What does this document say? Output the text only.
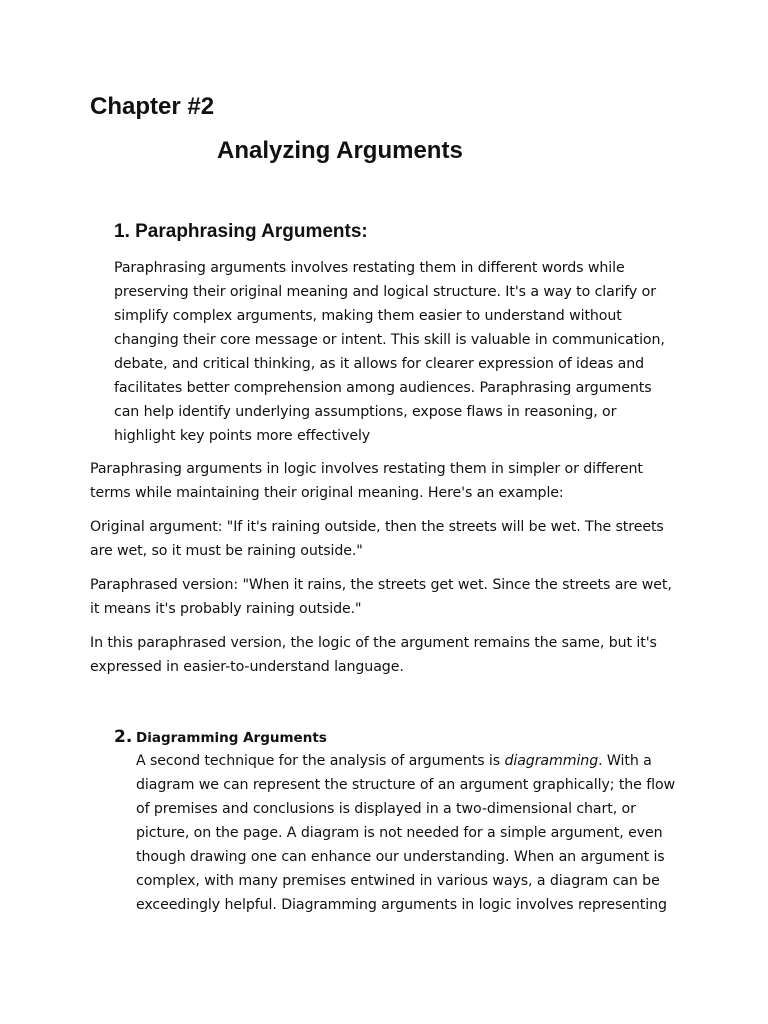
Chapter #2
Analyzing Arguments
1. Paraphrasing Arguments:

Paraphrasing arguments involves restating them in different words while preserving their original meaning and logical structure. It's a way to clarify or simplify complex arguments, making them easier to understand without changing their core message or intent. This skill is valuable in communication, debate, and critical thinking, as it allows for clearer expression of ideas and facilitates better comprehension among audiences. Paraphrasing arguments can help identify underlying assumptions, expose flaws in reasoning, or highlight key points more effectively

Paraphrasing arguments in logic involves restating them in simpler or different terms while maintaining their original meaning. Here's an example:

Original argument: "If it's raining outside, then the streets will be wet. The streets are wet, so it must be raining outside."

Paraphrased version: "When it rains, the streets get wet. Since the streets are wet, it means it's probably raining outside."

In this paraphrased version, the logic of the argument remains the same, but it's expressed in easier-to-understand language.

2. Diagramming Arguments

A second technique for the analysis of arguments is diagramming. With a diagram we can represent the structure of an argument graphically; the flow of premises and conclusions is displayed in a two-dimensional chart, or picture, on the page. A diagram is not needed for a simple argument, even though drawing one can enhance our understanding. When an argument is complex, with many premises entwined in various ways, a diagram can be exceedingly helpful. Diagramming arguments in logic involves representing
